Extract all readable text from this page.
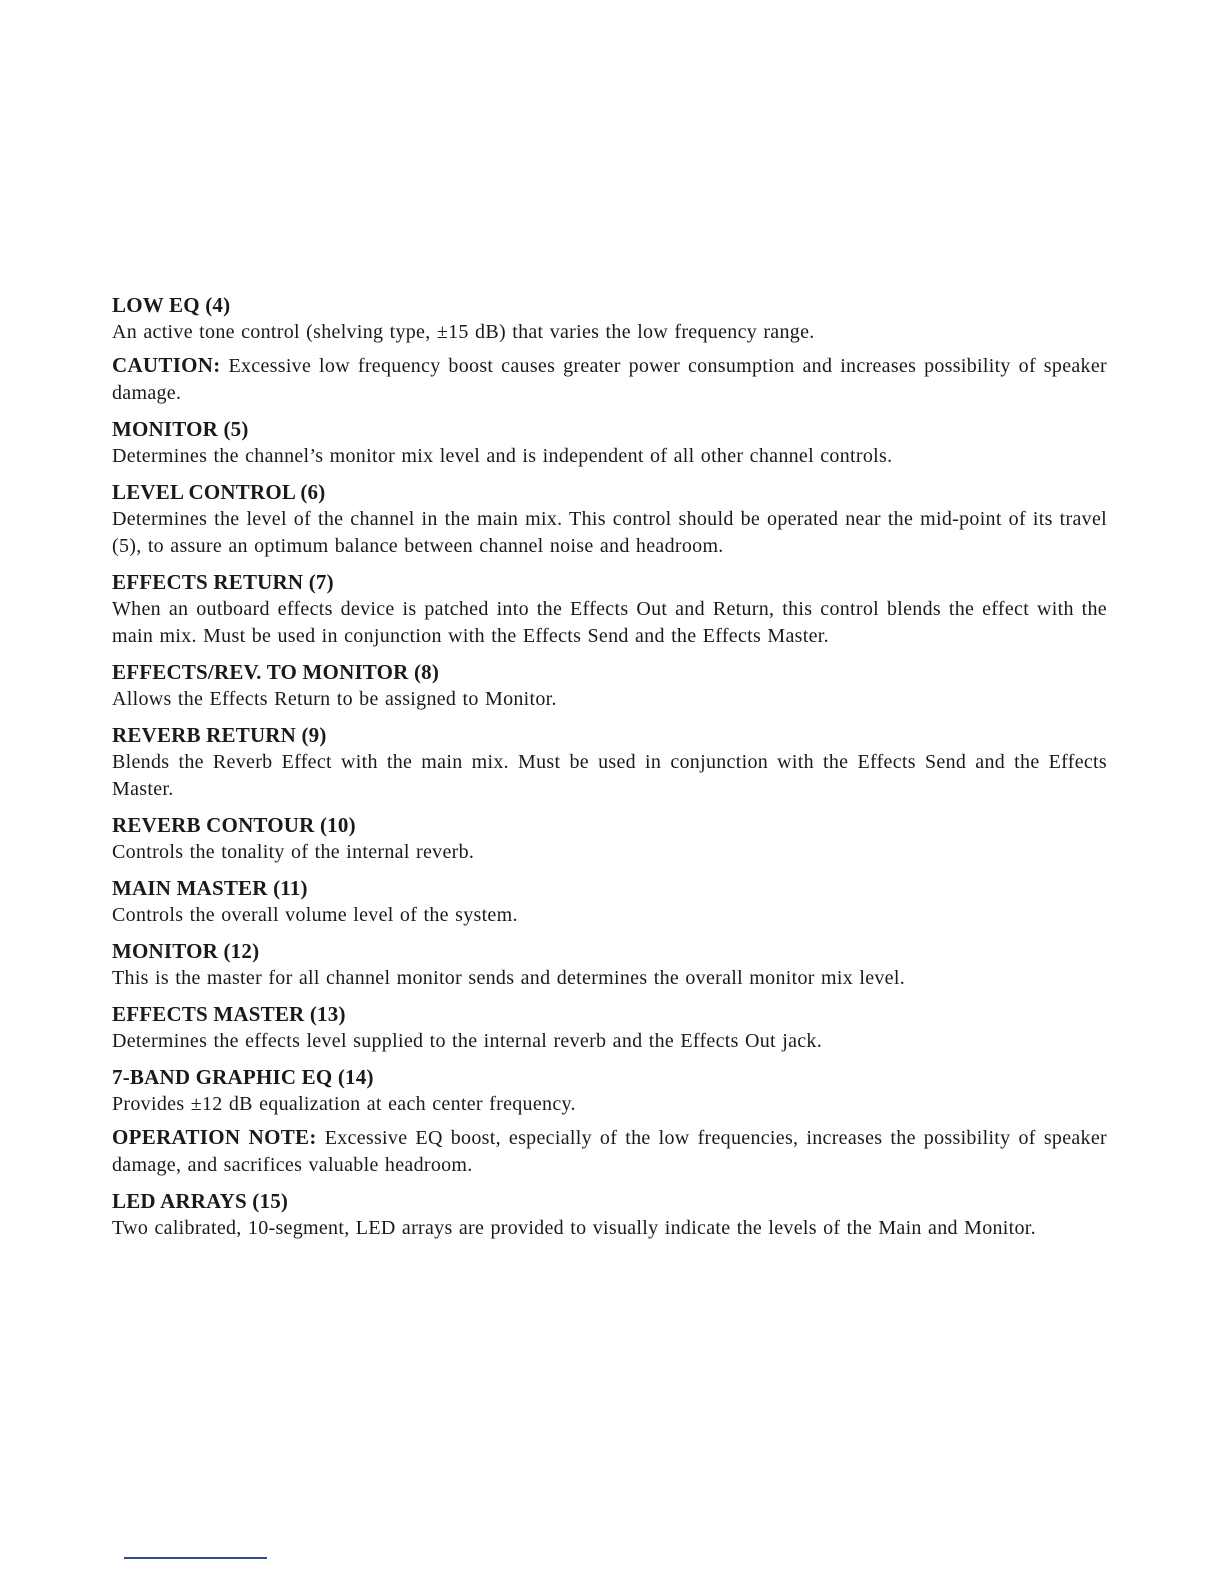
LOW EQ (4)
An active tone control (shelving type, ±15 dB) that varies the low frequency range.
CAUTION: Excessive low frequency boost causes greater power consumption and increases possibility of speaker damage.
MONITOR (5)
Determines the channel’s monitor mix level and is independent of all other channel controls.
LEVEL CONTROL (6)
Determines the level of the channel in the main mix. This control should be operated near the mid-point of its travel (5), to assure an optimum balance between channel noise and headroom.
EFFECTS RETURN (7)
When an outboard effects device is patched into the Effects Out and Return, this control blends the effect with the main mix. Must be used in conjunction with the Effects Send and the Effects Master.
EFFECTS/REV. TO MONITOR (8)
Allows the Effects Return to be assigned to Monitor.
REVERB RETURN (9)
Blends the Reverb Effect with the main mix. Must be used in conjunction with the Effects Send and the Effects Master.
REVERB CONTOUR (10)
Controls the tonality of the internal reverb.
MAIN MASTER (11)
Controls the overall volume level of the system.
MONITOR (12)
This is the master for all channel monitor sends and determines the overall monitor mix level.
EFFECTS MASTER (13)
Determines the effects level supplied to the internal reverb and the Effects Out jack.
7-BAND GRAPHIC EQ (14)
Provides ±12 dB equalization at each center frequency.
OPERATION NOTE: Excessive EQ boost, especially of the low frequencies, increases the possibility of speaker damage, and sacrifices valuable headroom.
LED ARRAYS (15)
Two calibrated, 10-segment, LED arrays are provided to visually indicate the levels of the Main and Monitor.
